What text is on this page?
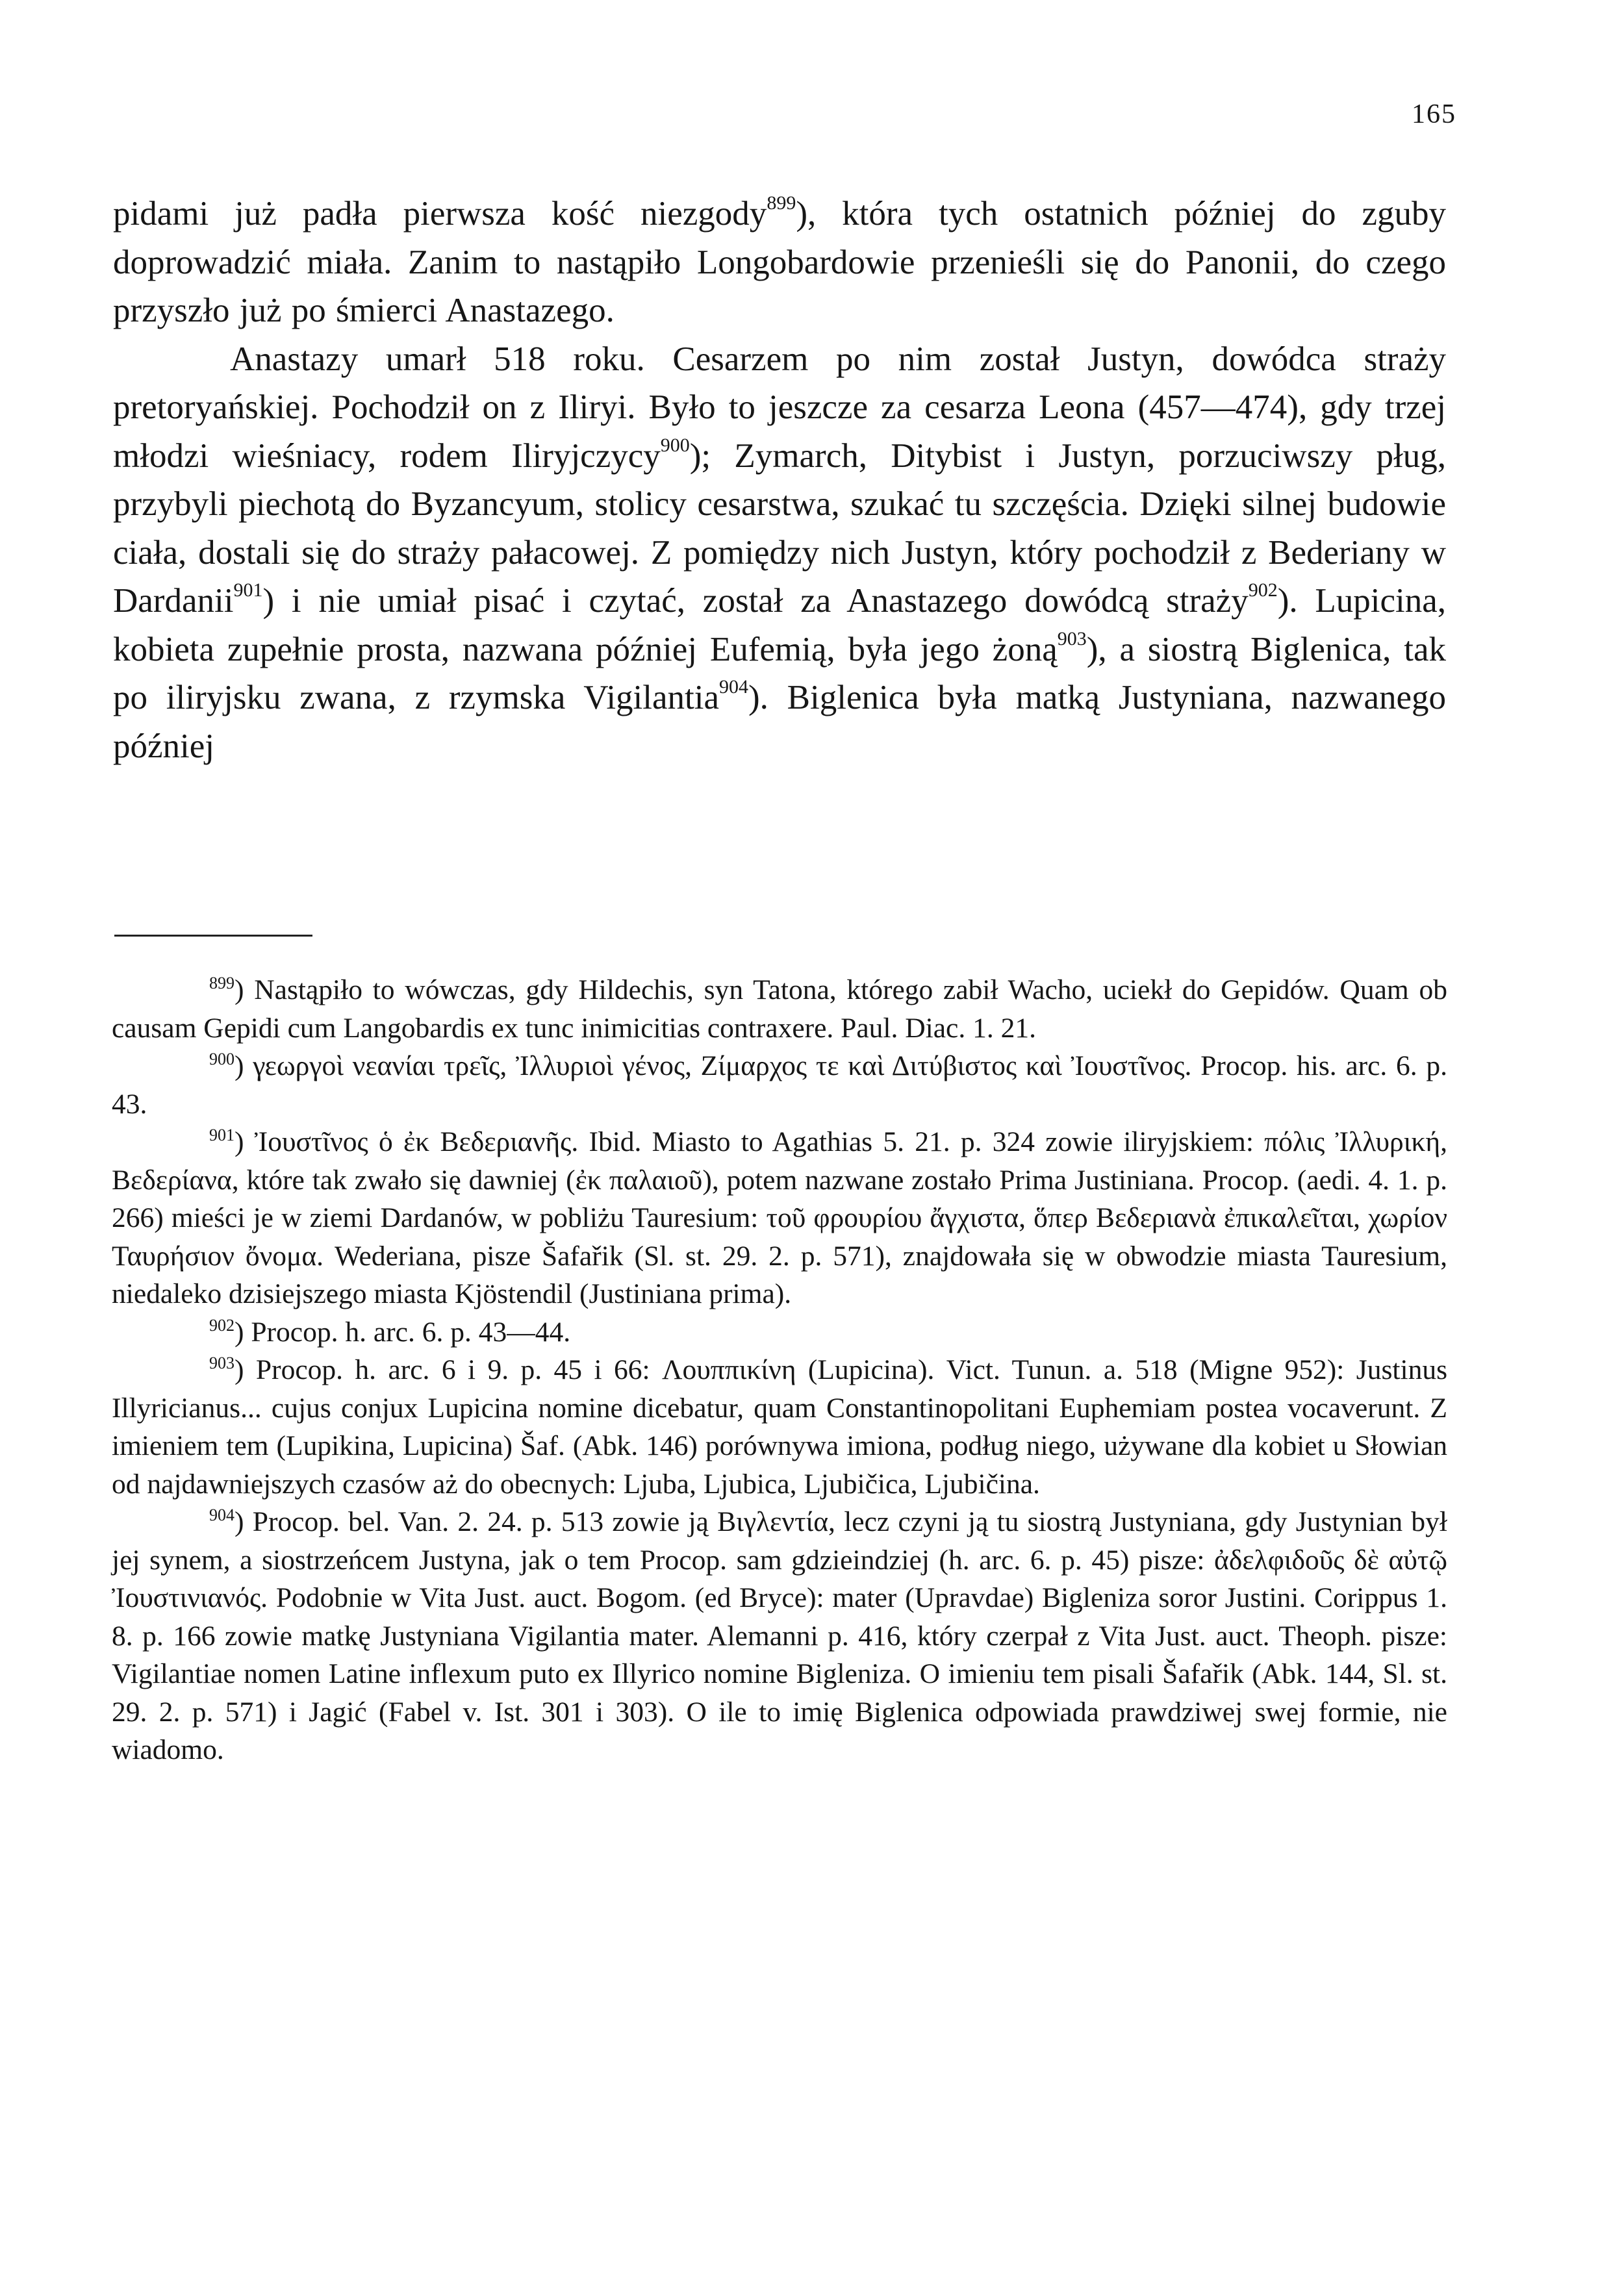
165

pidami już padła pierwsza kość niezgody$^{899}$), która tych ostatnich później do zguby doprowadzić miała. Zanim to nastąpiło Longobardowie przenieśli się do Panonii, do czego przyszło już po śmierci Anastazego.

Anastazy umarł 518 roku. Cesarzem po nim został Justyn, dowódca straży pretoryańskiej. Pochodził on z Iliryi. Było to jeszcze za cesarza Leona (457—474), gdy trzej młodzi wieśniacy, rodem Iliryjczycy$^{900}$); Zymarch, Ditybist i Justyn, porzuciwszy pług, przybyli piechotą do Byzancyum, stolicy cesarstwa, szukać tu szczęścia. Dzięki silnej budowie ciała, dostali się do straży pałacowej. Z pomiędzy nich Justyn, który pochodził z Bederiany w Dardanii$^{901}$) i nie umiał pisać i czytać, został za Anastazego dowódcą straży$^{902}$). Lupicina, kobieta zupełnie prosta, nazwana później Eufemią, była jego żoną$^{903}$), a siostrą Biglenica, tak po iliryjsku zwana, z rzymska Vigilantia$^{904}$). Biglenica była matką Justyniana, nazwanego później

$^{899}$) Nastąpiło to wówczas, gdy Hildechis, syn Tatona, którego zabił Wacho, uciekł do Gepidów. Quam ob causam Gepidi cum Langobardis ex tunc inimicitias contraxere. Paul. Diac. 1. 21.

$^{900}$) γεωργοὶ νεανίαι τρεῖς, Ἰλλυριοὶ γένος, Ζίμαρχος τε καὶ Διτύβιστος καὶ Ἰουστῖνος. Procop. his. arc. 6. p. 43.

$^{901}$) Ἰουστῖνος ὁ ἐκ Βεδεριανῆς. Ibid. Miasto to Agathias 5. 21. p. 324 zowie iliryjskiem: πόλις Ἰλλυρική, Βεδερίανα, które tak zwało się dawniej (ἐκ παλαιοῦ), potem nazwane zostało Prima Justiniana. Procop. (aedi. 4. 1. p. 266) mieści je w ziemi Dardanów, w pobliżu Tauresium: τοῦ φρουρίου ἄγχιστα, ὅπερ Βεδεριανὰ ἐπικαλεῖται, χωρίον Ταυρήσιον ὄνομα. Wederiana, pisze Šafařik (Sl. st. 29. 2. p. 571), znajdowała się w obwodzie miasta Tauresium, niedaleko dzisiejszego miasta Kjöstendil (Justiniana prima).

$^{902}$) Procop. h. arc. 6. p. 43—44.

$^{903}$) Procop. h. arc. 6 i 9. p. 45 i 66: Λουππικίνη (Lupicina). Vict. Tunun. a. 518 (Migne 952): Justinus Illyricianus... cujus conjux Lupicina nomine dicebatur, quam Constantinopolitani Euphemiam postea vocaverunt. Z imieniem tem (Lupikina, Lupicina) Šaf. (Abk. 146) porównywa imiona, podług niego, używane dla kobiet u Słowian od najdawniejszych czasów aż do obecnych: Ljuba, Ljubica, Ljubičica, Ljubičina.

$^{904}$) Procop. bel. Van. 2. 24. p. 513 zowie ją Βιγλεντία, lecz czyni ją tu siostrą Justyniana, gdy Justynian był jej synem, a siostrzeńcem Justyna, jak o tem Procop. sam gdzieindziej (h. arc. 6. p. 45) pisze: ἀδελφιδοῦς δὲ αὐτῷ Ἰουστινιανός. Podobnie w Vita Just. auct. Bogom. (ed Bryce): mater (Upravdae) Bigleniza soror Justini. Corippus 1. 8. p. 166 zowie matkę Justyniana Vigilantia mater. Alemanni p. 416, który czerpał z Vita Just. auct. Theoph. pisze: Vigilantiae nomen Latine inflexum puto ex Illyrico nomine Bigleniza. O imieniu tem pisali Šafařik (Abk. 144, Sl. st. 29. 2. p. 571) i Jagić (Fabel v. Ist. 301 i 303). O ile to imię Biglenica odpowiada prawdziwej swej formie, nie wiadomo.
